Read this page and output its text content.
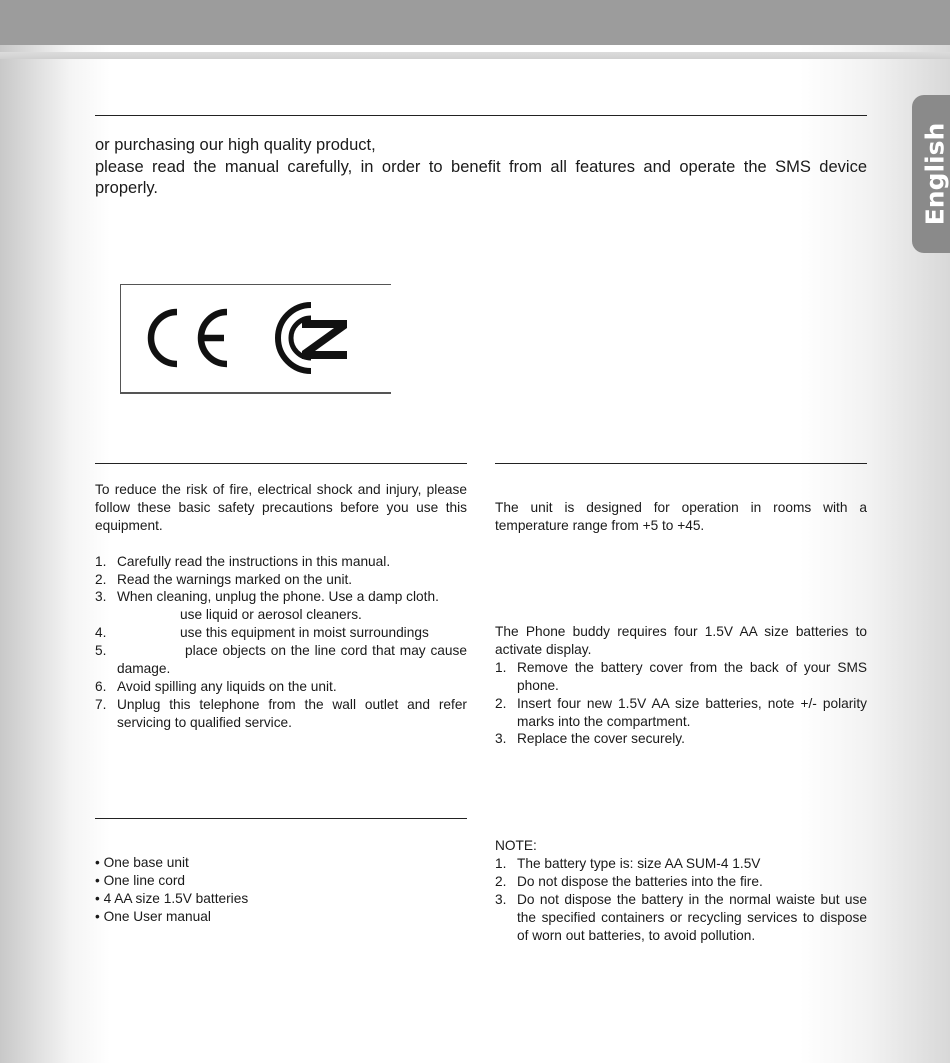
English

or purchasing our high quality product,

please read the manual carefully, in order to benefit from all features and operate the SMS device

properly.

To reduce the risk of fire, electrical shock and injury, please follow these basic safety precautions before you use this equipment.

1. Carefully read the instructions in this manual.
2. Read the warnings marked on the unit.
3. When cleaning, unplug the phone. Use a damp cloth.
use liquid or aerosol cleaners.
4.	use this equipment in moist surroundings
5.	place objects on the line cord that may cause damage.
6. Avoid spilling any liquids on the unit.
7. Unplug this telephone from the wall outlet and refer servicing to qualified service.
• One base unit
• One line cord
• 4 AA size 1.5V batteries
• One User manual

The unit is designed for operation in rooms with a temperature range from +5 to +45.

The Phone buddy requires four 1.5V AA size batteries to activate display.

1. Remove the battery cover from the back of your SMS phone.
2. Insert four new 1.5V AA size batteries, note +/- polarity marks into the compartment.
3. Replace the cover securely.

NOTE:

1. The battery type is: size AA SUM-4 1.5V
2. Do not dispose the batteries into the fire.
3. Do not dispose the battery in the normal waiste but use the specified containers or recycling services to dispose of worn out batteries, to avoid pollution.
